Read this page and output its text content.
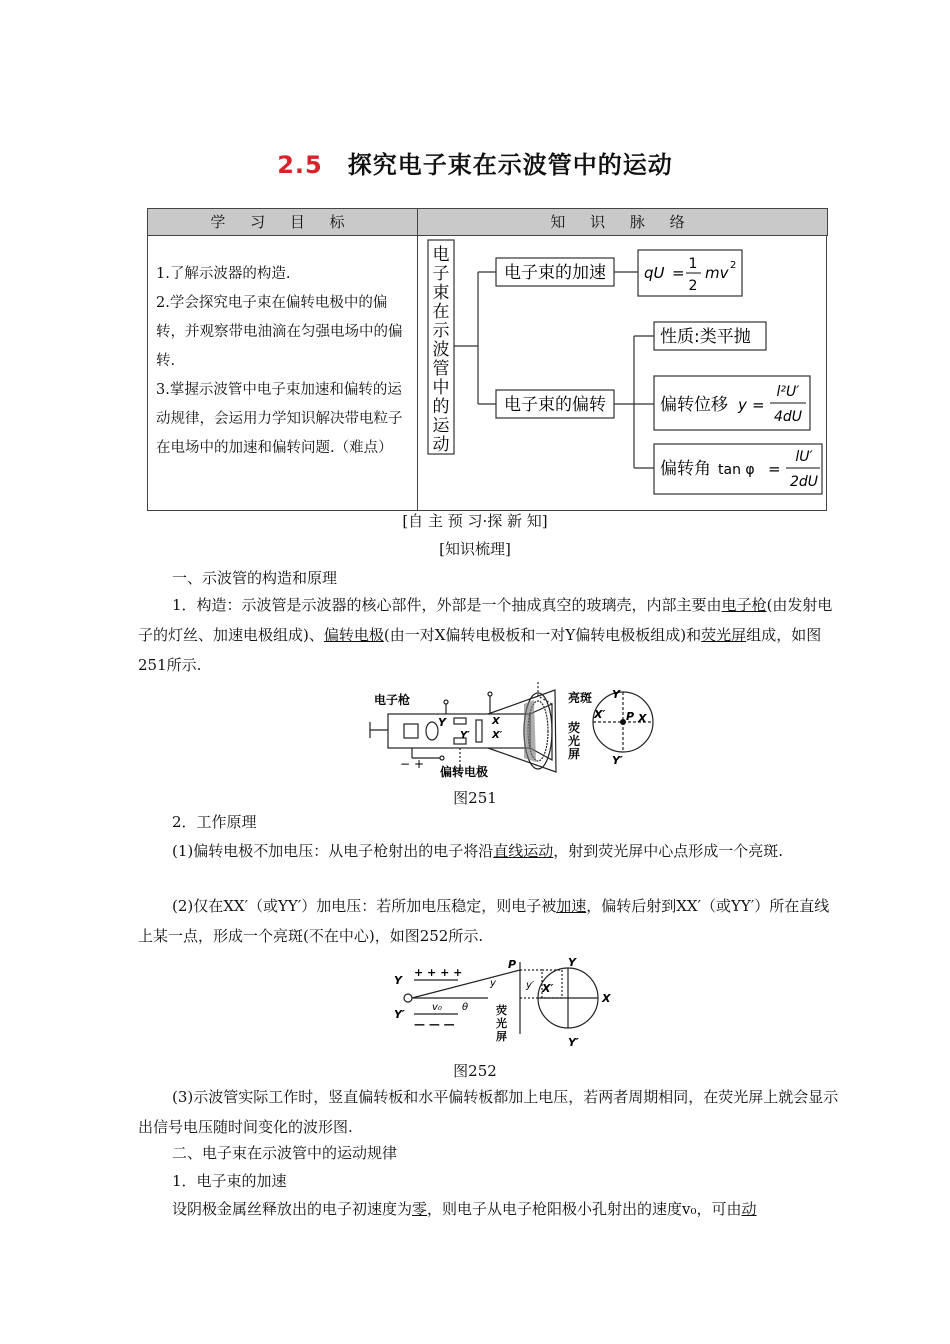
2.5　 探究电子束在示波管中的运动
学 习 目 标	知 识 脉 络
1.了解示波器的构造.
2.学会探究电子束在偏转电极中的偏转，并观察带电油滴在匀强电场中的偏转.
3.掌握示波管中电子束加速和偏转的运动规律，会运用力学知识解决带电粒子在电场中的加速和偏转问题.（难点）
电子束在示波管中的运动
电子束的加速	qU = 1
2
mv 2
电子束的偏转
性质:类平抛
偏转位移 y =
l²U′
4dU
偏转角 tan φ =
lU′
2dU
[自 主 预 习·探 新 知]
[知识梳理]
一、示波管的构造和原理
1．构造：示波管是示波器的核心部件，外部是一个抽成真空的玻璃壳，内部主要由电子枪(由发射电子的灯丝、加速电极组成)、偏转电极(由一对X偏转电极板和一对Y偏转电极板组成)和荧光屏组成，如图251所示.
电子枪
偏转电极
亮斑
荧光屏
− +
Y
Y′
X
X′ P
Y
Y′
X
X′
图251
2．工作原理
(1)偏转电极不加电压：从电子枪射出的电子将沿直线运动，射到荧光屏中心点形成一个亮斑.
(2)仅在XX′（或YY′）加电压：若所加电压稳定，则电子被加速，偏转后射到XX′（或YY′）所在直线上某一点，形成一个亮斑(不在中心)，如图252所示.
Y
+ + + +
Y′
— — —
v₀ θ
y	y′
P
X′
X
Y
Y′
荧光屏
图252
(3)示波管实际工作时，竖直偏转板和水平偏转板都加上电压，若两者周期相同，在荧光屏上就会显示出信号电压随时间变化的波形图.
二、电子束在示波管中的运动规律
1．电子束的加速
设阴极金属丝释放出的电子初速度为零，则电子从电子枪阳极小孔射出的速度v₀，可由动
